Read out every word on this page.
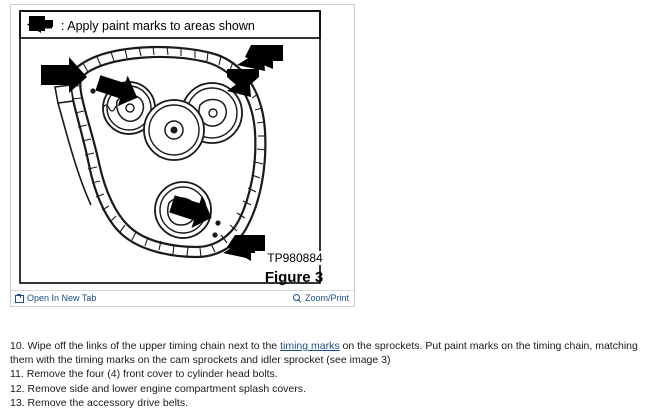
: Apply paint marks to areas shown
TP980884
Figure 3
Open In New Tab	Zoom/Print

10. Wipe off the links of the upper timing chain next to the timing marks on the sprockets. Put paint marks on the timing chain, matching them with the timing marks on the cam sprockets and idler sprocket (see image 3)

11. Remove the four (4) front cover to cylinder head bolts.

12. Remove side and lower engine compartment splash covers.

13. Remove the accessory drive belts.
